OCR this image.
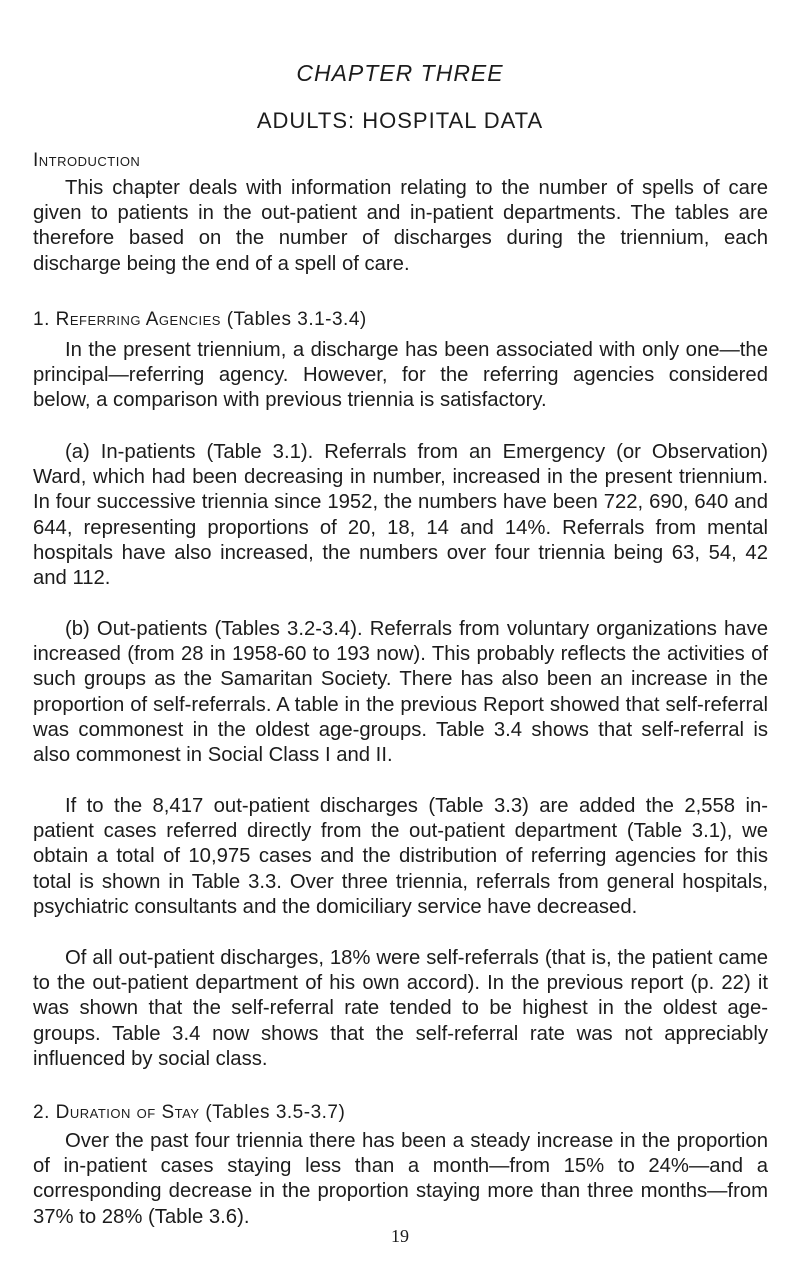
CHAPTER THREE
ADULTS: HOSPITAL DATA
Introduction

This chapter deals with information relating to the number of spells of care given to patients in the out-patient and in-patient departments. The tables are therefore based on the number of discharges during the triennium, each discharge being the end of a spell of care.

1. Referring Agencies (Tables 3.1-3.4)

In the present triennium, a discharge has been associated with only one—the principal—referring agency. However, for the referring agencies considered below, a comparison with previous triennia is satisfactory.

(a) In-patients (Table 3.1). Referrals from an Emergency (or Observation) Ward, which had been decreasing in number, increased in the present triennium. In four successive triennia since 1952, the numbers have been 722, 690, 640 and 644, representing proportions of 20, 18, 14 and 14%. Referrals from mental hospitals have also increased, the numbers over four triennia being 63, 54, 42 and 112.

(b) Out-patients (Tables 3.2-3.4). Referrals from voluntary organizations have increased (from 28 in 1958-60 to 193 now). This probably reflects the activities of such groups as the Samaritan Society. There has also been an increase in the proportion of self-referrals. A table in the previous Report showed that self-referral was commonest in the oldest age-groups. Table 3.4 shows that self-referral is also commonest in Social Class I and II.

If to the 8,417 out-patient discharges (Table 3.3) are added the 2,558 in-patient cases referred directly from the out-patient department (Table 3.1), we obtain a total of 10,975 cases and the distribution of referring agencies for this total is shown in Table 3.3. Over three triennia, referrals from general hospitals, psychiatric consultants and the domiciliary service have decreased.

Of all out-patient discharges, 18% were self-referrals (that is, the patient came to the out-patient department of his own accord). In the previous report (p. 22) it was shown that the self-referral rate tended to be highest in the oldest age-groups. Table 3.4 now shows that the self-referral rate was not appreciably influenced by social class.

2. Duration of Stay (Tables 3.5-3.7)

Over the past four triennia there has been a steady increase in the proportion of in-patient cases staying less than a month—from 15% to 24%—and a corresponding decrease in the proportion staying more than three months—from 37% to 28% (Table 3.6).

19
